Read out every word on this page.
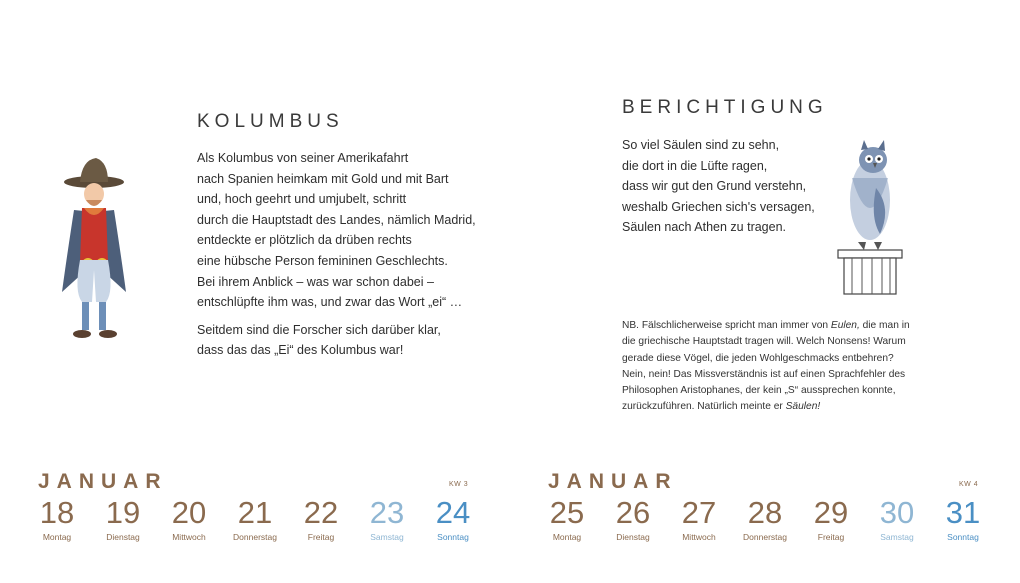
KOLUMBUS
Als Kolumbus von seiner Amerikafahrt
nach Spanien heimkam mit Gold und mit Bart
und, hoch geehrt und umjubelt, schritt
durch die Hauptstadt des Landes, nämlich Madrid,
entdeckte er plötzlich da drüben rechts
eine hübsche Person femininen Geschlechts.
Bei ihrem Anblick – was war schon dabei –
entschlüpfte ihm was, und zwar das Wort „ei“ …
Seitdem sind die Forscher sich darüber klar,
dass das das „Ei“ des Kolumbus war!
JANUAR	KW 3
18
Montag
19
Dienstag
20
Mittwoch
21
Donnerstag
22
Freitag
23
Samstag
24
Sonntag
BERICHTIGUNG
So viel Säulen sind zu sehn,
die dort in die Lüfte ragen,
dass wir gut den Grund verstehn,
weshalb Griechen sich's versagen,
Säulen nach Athen zu tragen.

NB. Fälschlicherweise spricht man immer von Eulen, die man in die griechische Hauptstadt tragen will. Welch Nonsens! Warum gerade diese Vögel, die jeden Wohlgeschmacks entbehren? Nein, nein! Das Missverständnis ist auf einen Sprachfehler des Philosophen Aristophanes, der kein „S“ aussprechen konnte, zurückzuführen. Natürlich meinte er Säulen!

JANUAR	KW 4
25
Montag
26
Dienstag
27
Mittwoch
28
Donnerstag
29
Freitag
30
Samstag
31
Sonntag
